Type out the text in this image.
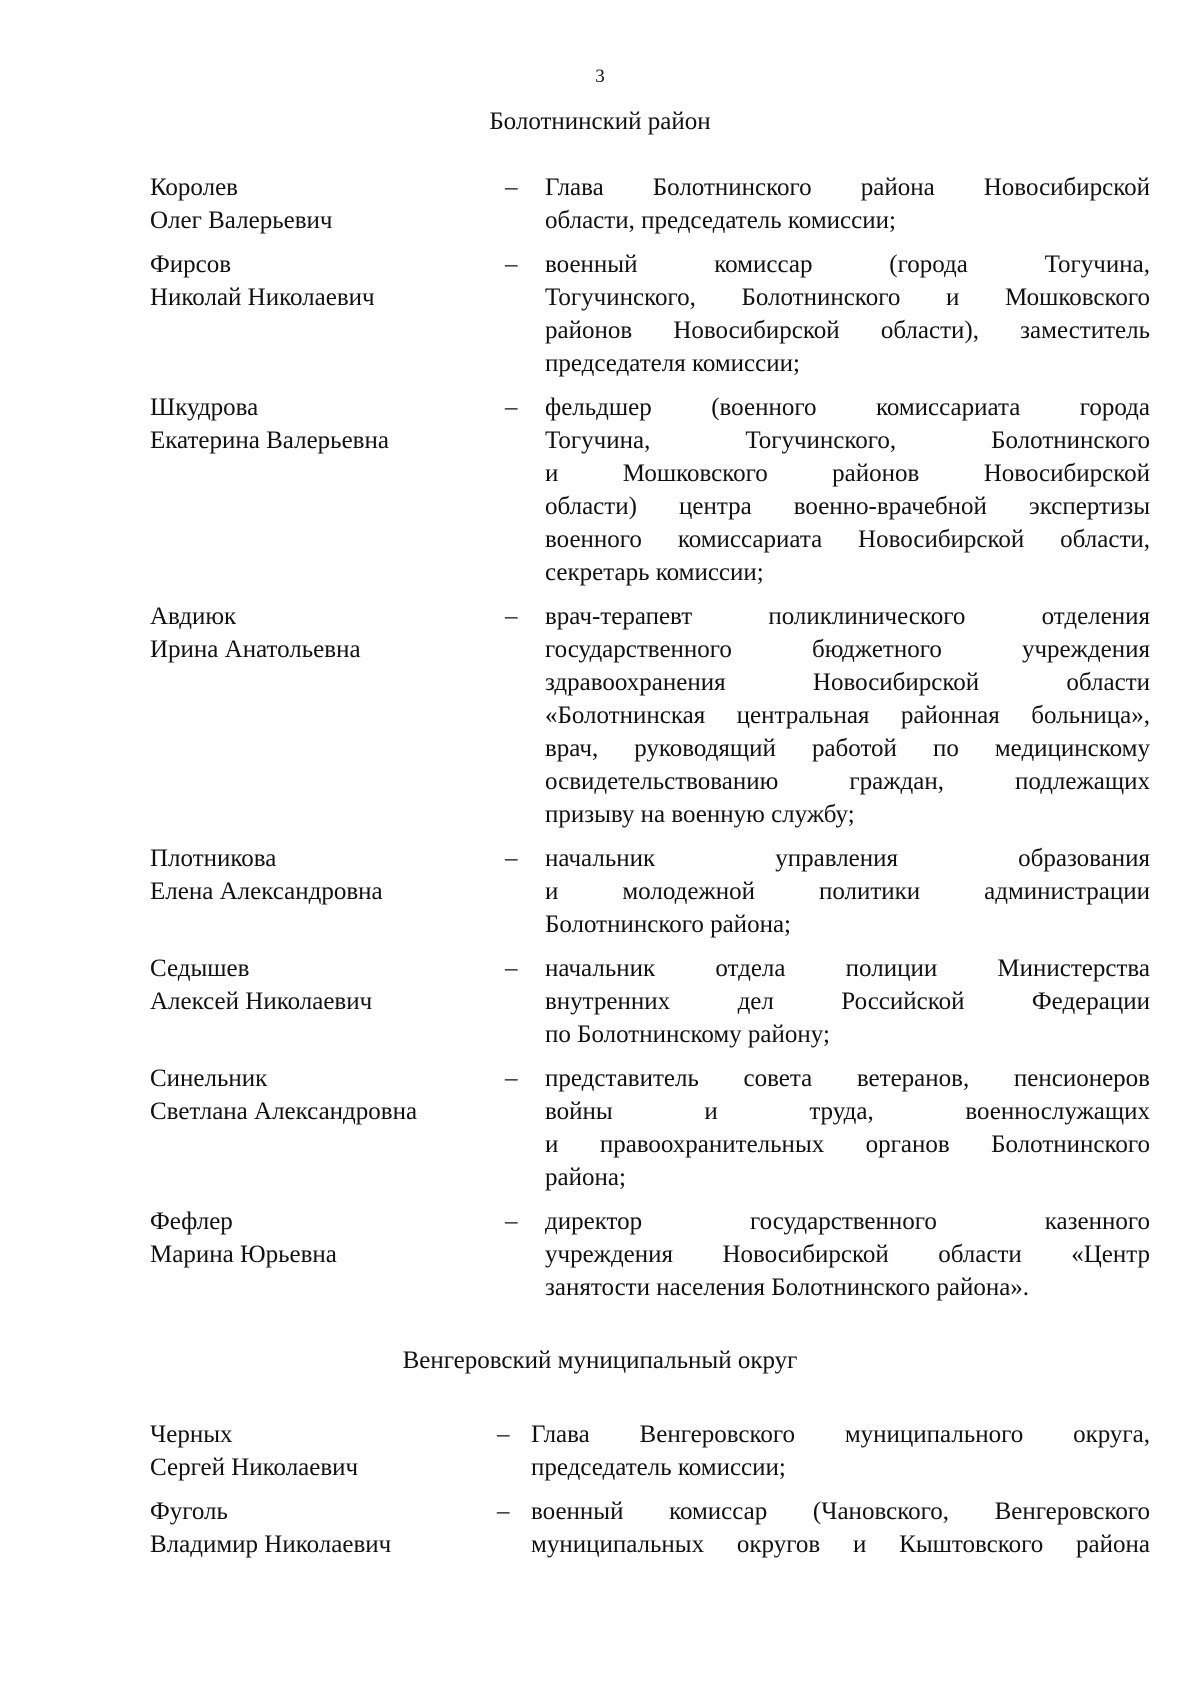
3
Болотнинский район
Королев
Олег Валерьевич
– Глава Болотнинского района Новосибирской
области, председатель комиссии;
Фирсов
Николай Николаевич
– военный комиссар (города Тогучина,
Тогучинского, Болотнинского и Мошковского
районов Новосибирской области), заместитель
председателя комиссии;
Шкудрова
Екатерина Валерьевна
– фельдшер (военного комиссариата города
Тогучина, Тогучинского, Болотнинского
и Мошковского районов Новосибирской
области) центра военно-врачебной экспертизы
военного комиссариата Новосибирской области,
секретарь комиссии;
Авдиюк
Ирина Анатольевна
– врач-терапевт поликлинического отделения
государственного бюджетного учреждения
здравоохранения Новосибирской области
«Болотнинская центральная районная больница»,
врач, руководящий работой по медицинскому
освидетельствованию граждан, подлежащих
призыву на военную службу;
Плотникова
Елена Александровна
– начальник управления образования
и молодежной политики администрации
Болотнинского района;
Седышев
Алексей Николаевич
– начальник отдела полиции Министерства
внутренних дел Российской Федерации
по Болотнинскому району;
Синельник
Светлана Александровна
– представитель совета ветеранов, пенсионеров
войны и труда, военнослужащих
и правоохранительных органов Болотнинского
района;
Фефлер
Марина Юрьевна
– директор государственного казенного
учреждения Новосибирской области «Центр
занятости населения Болотнинского района».
Венгеровский муниципальный округ
Черных
Сергей Николаевич
– Глава Венгеровского муниципального округа,
председатель комиссии;
Фуголь
Владимир Николаевич
– военный комиссар (Чановского, Венгеровского
муниципальных округов и Кыштовского района
